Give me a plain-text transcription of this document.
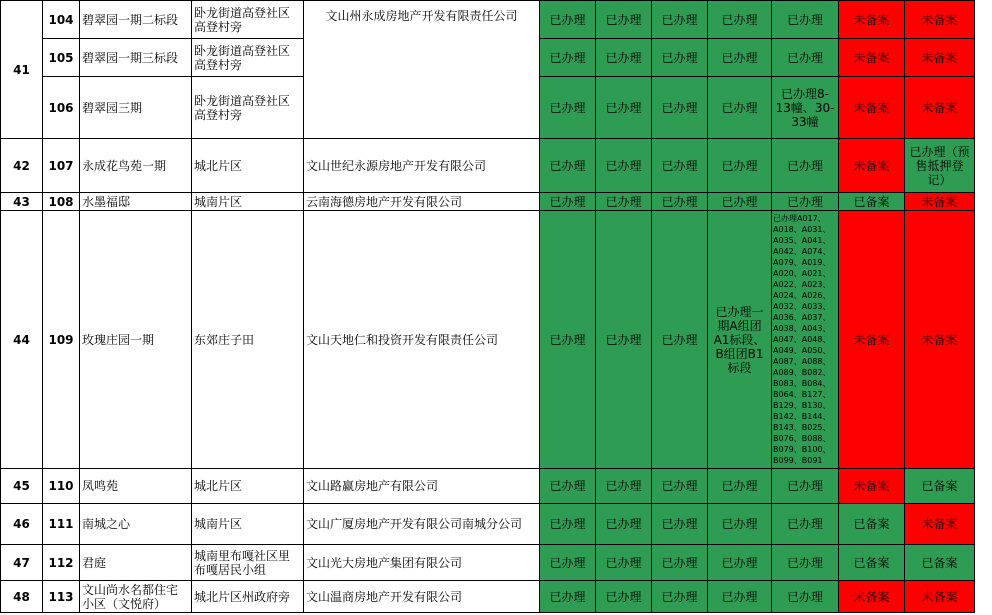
41	104	碧翠园一期二标段	卧龙街道高登社区高登村旁	文山州永成房地产开发有限责任公司	已办理	已办理	已办理	已办理	已办理	未备案	未备案
	105	碧翠园一期三标段	卧龙街道高登社区高登村旁		已办理	已办理	已办理	已办理	已办理	未备案	未备案
	106	碧翠园三期	卧龙街道高登社区高登村旁		已办理	已办理	已办理	已办理	已办理8-13幢、30-33幢	未备案	未备案
42	107	永成花鸟苑一期	城北片区	文山世纪永源房地产开发有限公司	已办理	已办理	已办理	已办理	已办理	未备案	已办理（预售抵押登记）
43	108	水墨福邸	城南片区	云南海德房地产开发有限公司	已办理	已办理	已办理	已办理	已办理	已备案	未备案
44	109	玫瑰庄园一期	东郊庄子田	文山天地仁和投资开发有限责任公司	已办理	已办理	已办理	已办理一期A组团A1标段、B组团B1标段	已办理A017、A018、A031、A035、A041、A042、A074、A079、A019、A020、A021、A022、A023、A024、A026、A032、A033、A036、A037、A038、A043、A047、A048、A049、A050、A087、A088、A089、B082、B083、B084、B064、B127、B129、B130、B142、B144、B143、B025、B076、B088、B079、B100、B099、B091	未备案	未备案
45	110	凤鸣苑	城北片区	文山路赢房地产有限公司	已办理	已办理	已办理	已办理	已办理	未备案	已备案
46	111	南城之心	城南片区	文山广厦房地产开发有限公司南城分公司	已办理	已办理	已办理	已办理	已办理	已备案	未备案
47	112	君庭	城南里布嘎社区里布嘎居民小组	文山光大房地产集团有限公司	已办理	已办理	已办理	已办理	已办理	已备案	已备案
48	113	文山尚水名都住宅小区（文悦府）	城北片区州政府旁	文山温商房地产开发有限公司	已办理	已办理	已办理	已办理	已办理	未备案	未备案
